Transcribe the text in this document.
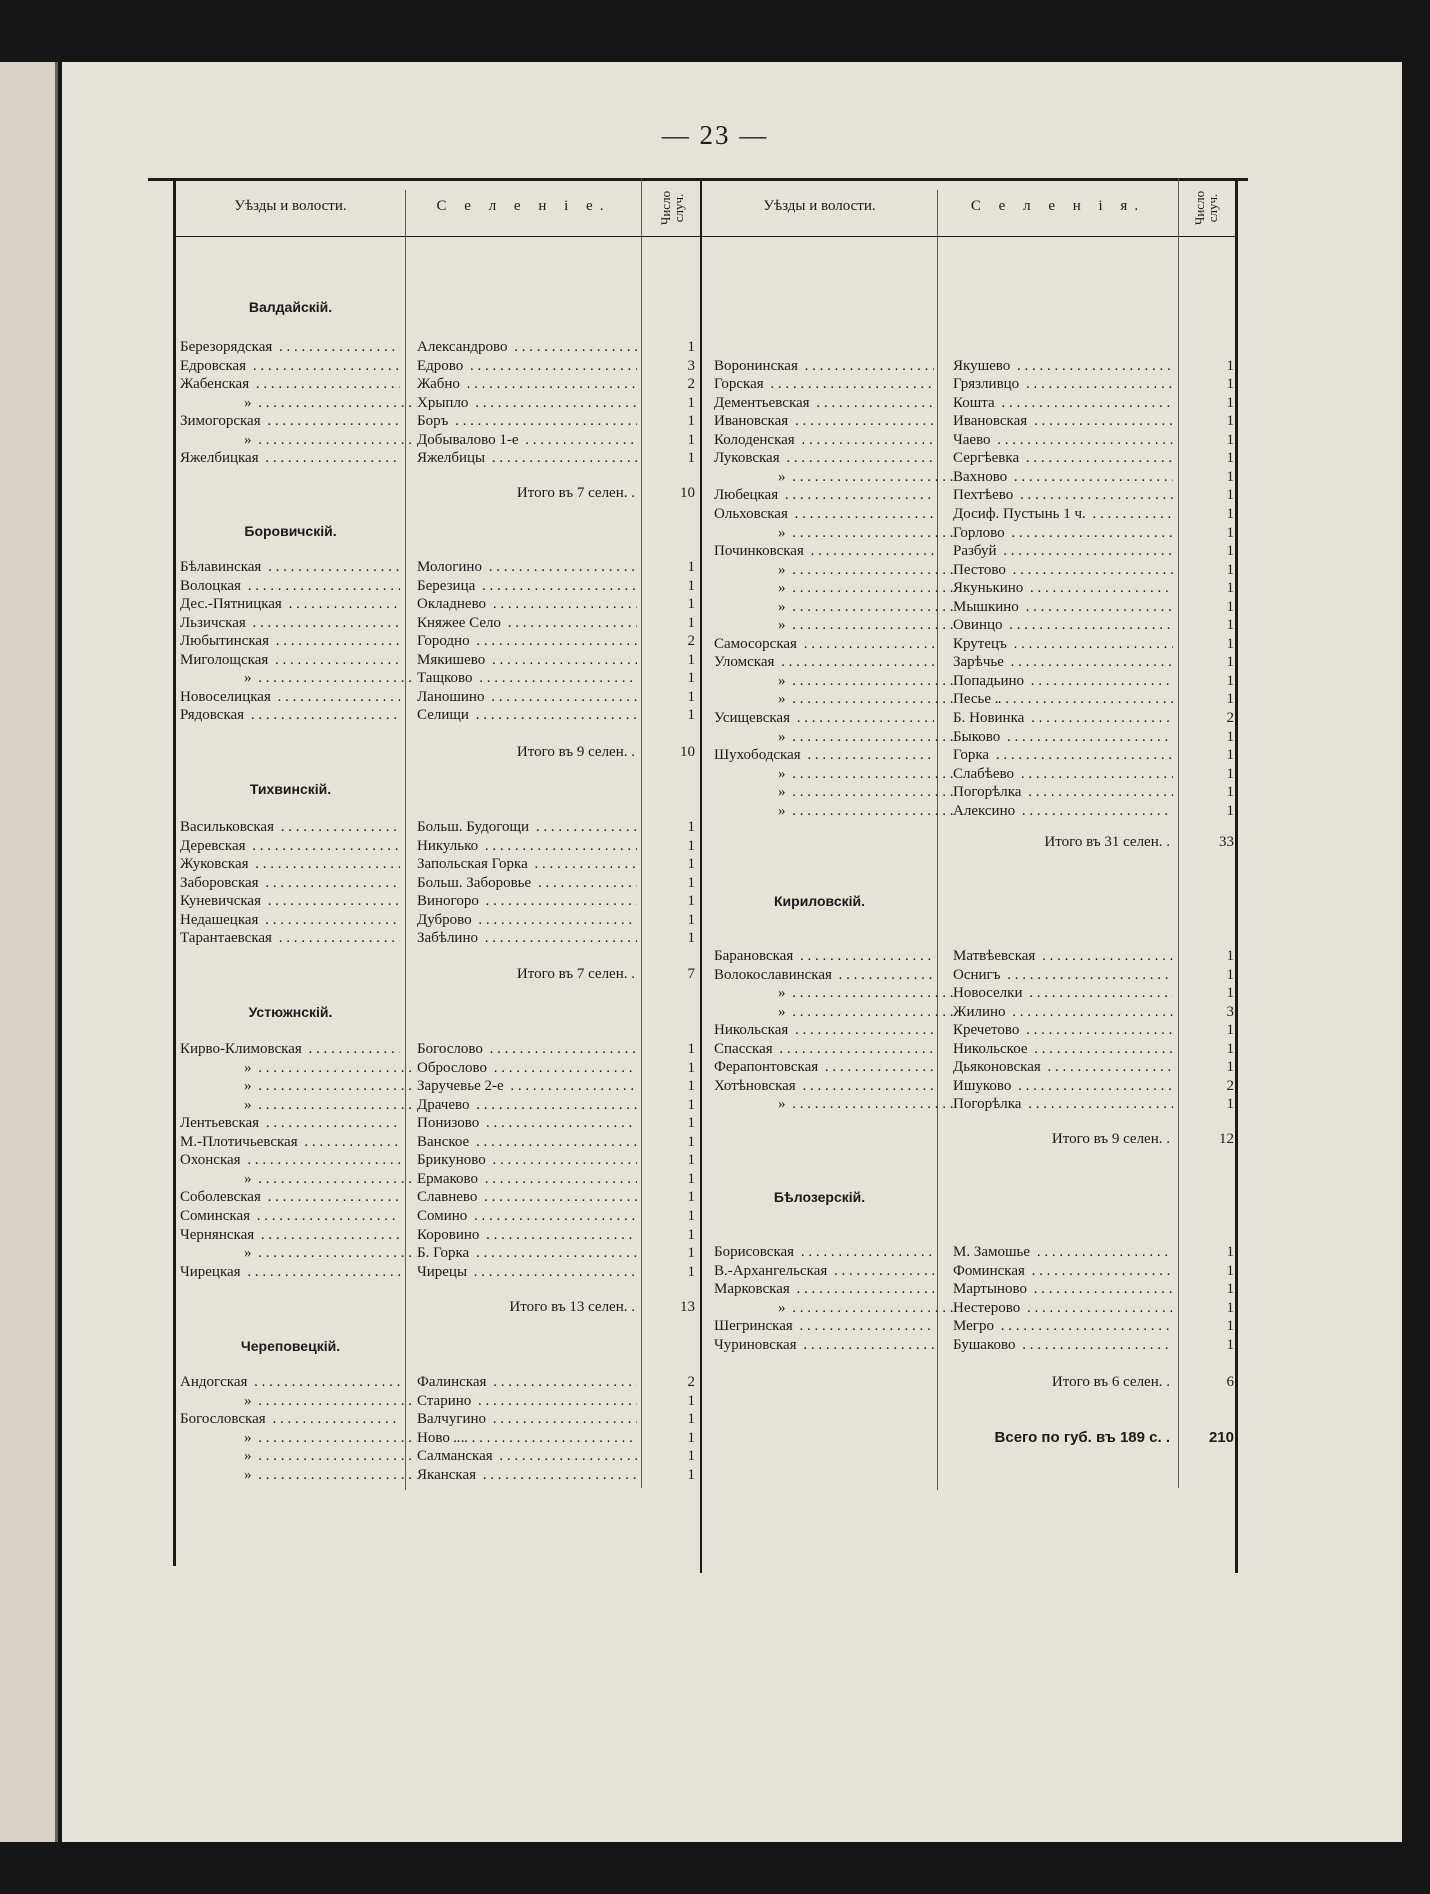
— 23 —
Уѣзды и волости.	С е л е н і е.	Число случ.	Уѣзды и волости.	С е л е н і я.	Число случ.
Валдайскій.
Березорядская . . .	Александрово . . .	1
Едровская . . .	Едрово . . .	3
Жабенская . . .	Жабно . . .	2
» . . .	Хрыпло . . .	1
Зимогорская . . .	Боръ . . .	1
» . . .	Добывалово 1-е . . .	1
Яжелбицкая . . .	Яжелбицы . . .	1
Итого въ 7 селен. .	10
Боровичскій.
Бѣлавинская . . .	Мологино . . .	1
Волоцкая . . .	Березица . . .	1
Дес.-Пятницкая . . .	Окладнево . . .	1
Льзичская . . .	Княжее Село . . .	1
Любытинская . . .	Городно . . .	2
Миголощская . . .	Мякишево . . .	1
» . . .	Тащково . . .	1
Новоселицкая . . .	Ланошино . . .	1
Рядовская . . .	Селищи . . .	1
Итого въ 9 селен. .	10
Тихвинскій.
Васильковская . . .	Больш. Будогощи . . .	1
Деревская . . .	Никулько . . .	1
Жуковская . . .	Запольская Горка . . .	1
Заборовская . . .	Больш. Заборовье . . .	1
Куневичская . . .	Виногоро . . .	1
Недашецкая . . .	Дуброво . . .	1
Тарантаевская . . .	Забѣлино . . .	1
Итого въ 7 селен. .	7
Устюжнскій.
Кирво-Климовская . . .	Богослово . . .	1
» . . .	Оброслово . . .	1
» . . .	Заручевье 2-е . . .	1
» . . .	Драчево . . .	1
Лентьевская . . .	Понизово . . .	1
М.-Плотичьевская . . .	Ванское . . .	1
Охонская . . .	Брикуново . . .	1
» . . .	Ермаково . . .	1
Соболевская . . .	Славнево . . .	1
Соминская . . .	Сомино . . .	1
Чернянская . . .	Коровино . . .	1
» . . .	Б. Горка . . .	1
Чирецкая . . .	Чирецы . . .	1
Итого въ 13 селен. .	13
Череповецкій.
Андогская . . .	Фалинская . . .	2
» . . .	Старино . . .	1
Богословская . . .	Валчугино . . .	1
» . . .	Ново . . .	1
» . . .	Салманская . . .	1
» . . .	Яканская . . .	1
Воронинская . . .	Якушево . . .	1
Горская . . .	Грязливцо . . .	1
Дементьевская . . .	Кошта . . .	1
Ивановская . . .	Ивановская . . .	1
Колоденская . . .	Чаево . . .	1
Луковская . . .	Сергѣевка . . .	1
» . . .	Вахново . . .	1
Любецкая . . .	Пехтѣево . . .	1
Ольховская . . .	Досиф. Пустынь 1 ч. . . .	1
» . . .	Горлово . . .	1
Починковская . . .	Разбуй . . .	1
» . . .	Пестово . . .	1
» . . .	Якунькино . . .	1
» . . .	Мышкино . . .	1
» . . .	Овинцо . . .	1
Самосорская . . .	Крутецъ . . .	1
Уломская . . .	Зарѣчье . . .	1
» . . .	Попадьино . . .	1
» . . .	Песье . . .	1
Усищевская . . .	Б. Новинка . . .	2
» . . .	Быково . . .	1
Шухободская . . .	Горка . . .	1
» . . .	Слабѣево . . .	1
» . . .	Погорѣлка . . .	1
» . . .	Алексино . . .	1
Итого въ 31 селен. .	33
Кириловскій.
Барановская . . .	Матвѣевская . . .	1
Волокославинская . . .	Оснигъ . . .	1
» . . .	Новоселки . . .	1
» . . .	Жилино . . .	3
Никольская . . .	Кречетово . . .	1
Спасская . . .	Никольское . . .	1
Ферапонтовская . . .	Дьяконовская . . .	1
Хотѣновская . . .	Ишуково . . .	2
» . . .	Погорѣлка . . .	1
Итого въ 9 селен. .	12
Бѣлозерскій.
Борисовская . . .	М. Замошье . . .	1
В.-Архангельская . . .	Фоминская . . .	1
Марковская . . .	Мартыново . . .	1
» . . .	Нестерово . . .	1
Шегринская . . .	Мегро . . .	1
Чуриновская . . .	Бушаково . . .	1
Итого въ 6 селен. .	6
Всего по губ. въ 189 с. .	210
